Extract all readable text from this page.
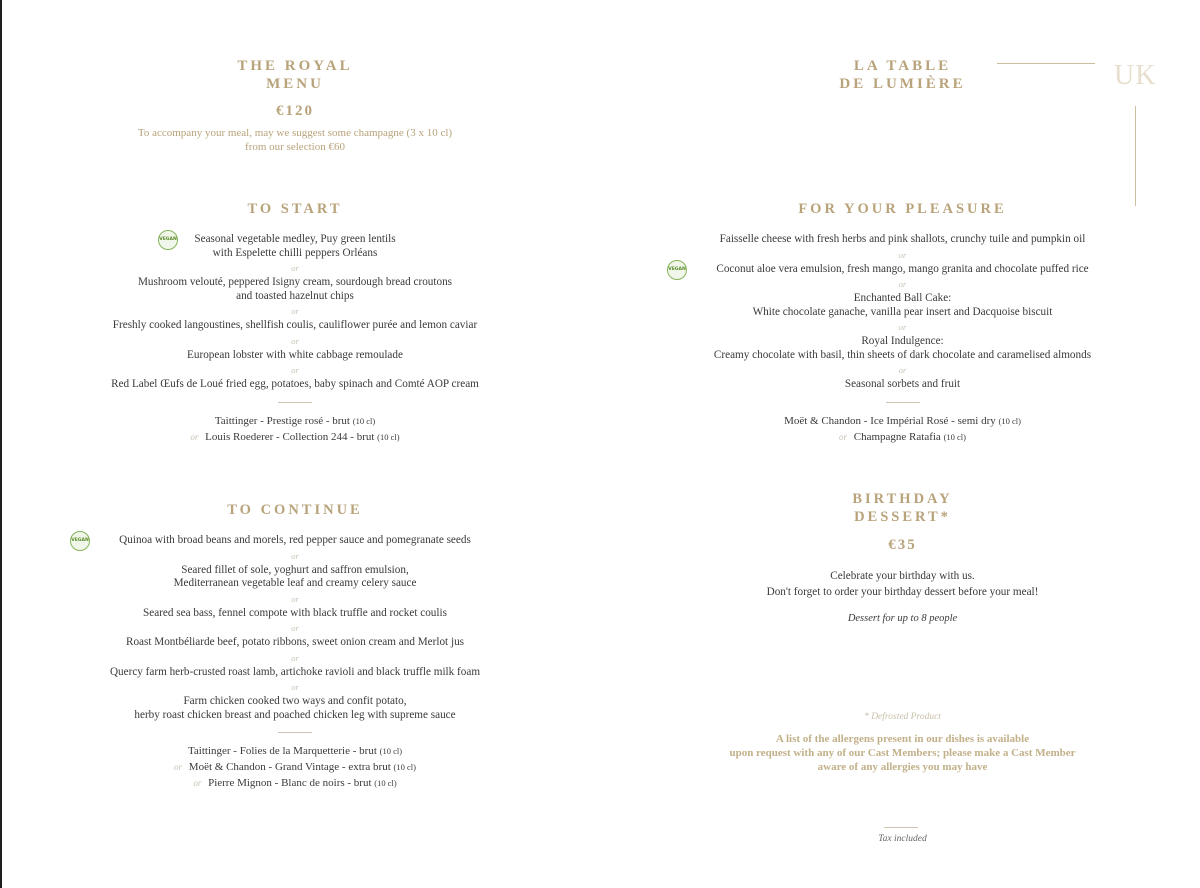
THE ROYAL
MENU
€120
To accompany your meal, may we suggest some champagne (3 x 10 cl)
from our selection €60
TO START
VEGAN	Seasonal vegetable medley, Puy green lentils
with Espelette chilli peppers Orléans
or
Mushroom velouté, peppered Isigny cream, sourdough bread croutons
and toasted hazelnut chips
or
Freshly cooked langoustines, shellfish coulis, cauliflower purée and lemon caviar
or
European lobster with white cabbage remoulade
or
Red Label Œufs de Loué fried egg, potatoes, baby spinach and Comté AOP cream
Taittinger - Prestige rosé - brut (10 cl)
or Louis Roederer - Collection 244 - brut (10 cl)
TO CONTINUE
VEGAN	Quinoa with broad beans and morels, red pepper sauce and pomegranate seeds
or
Seared fillet of sole, yoghurt and saffron emulsion,
Mediterranean vegetable leaf and creamy celery sauce
or
Seared sea bass, fennel compote with black truffle and rocket coulis
or
Roast Montbéliarde beef, potato ribbons, sweet onion cream and Merlot jus
or
Quercy farm herb-crusted roast lamb, artichoke ravioli and black truffle milk foam
or
Farm chicken cooked two ways and confit potato,
herby roast chicken breast and poached chicken leg with supreme sauce
Taittinger - Folies de la Marquetterie - brut (10 cl)
or Moët & Chandon - Grand Vintage - extra brut (10 cl)
or Pierre Mignon - Blanc de noirs - brut (10 cl)
LA TABLE
DE LUMIÈRE
FOR YOUR PLEASURE
Faisselle cheese with fresh herbs and pink shallots, crunchy tuile and pumpkin oil
or
VEGAN	Coconut aloe vera emulsion, fresh mango, mango granita and chocolate puffed rice
or
Enchanted Ball Cake:
White chocolate ganache, vanilla pear insert and Dacquoise biscuit
or
Royal Indulgence:
Creamy chocolate with basil, thin sheets of dark chocolate and caramelised almonds
or
Seasonal sorbets and fruit
Moët & Chandon - Ice Impérial Rosé - semi dry (10 cl)
or Champagne Ratafia (10 cl)
BIRTHDAY
DESSERT*
€35
Celebrate your birthday with us.
Don't forget to order your birthday dessert before your meal!
Dessert for up to 8 people
* Defrosted Product
A list of the allergens present in our dishes is available
upon request with any of our Cast Members; please make a Cast Member
aware of any allergies you may have
Tax included
UK
